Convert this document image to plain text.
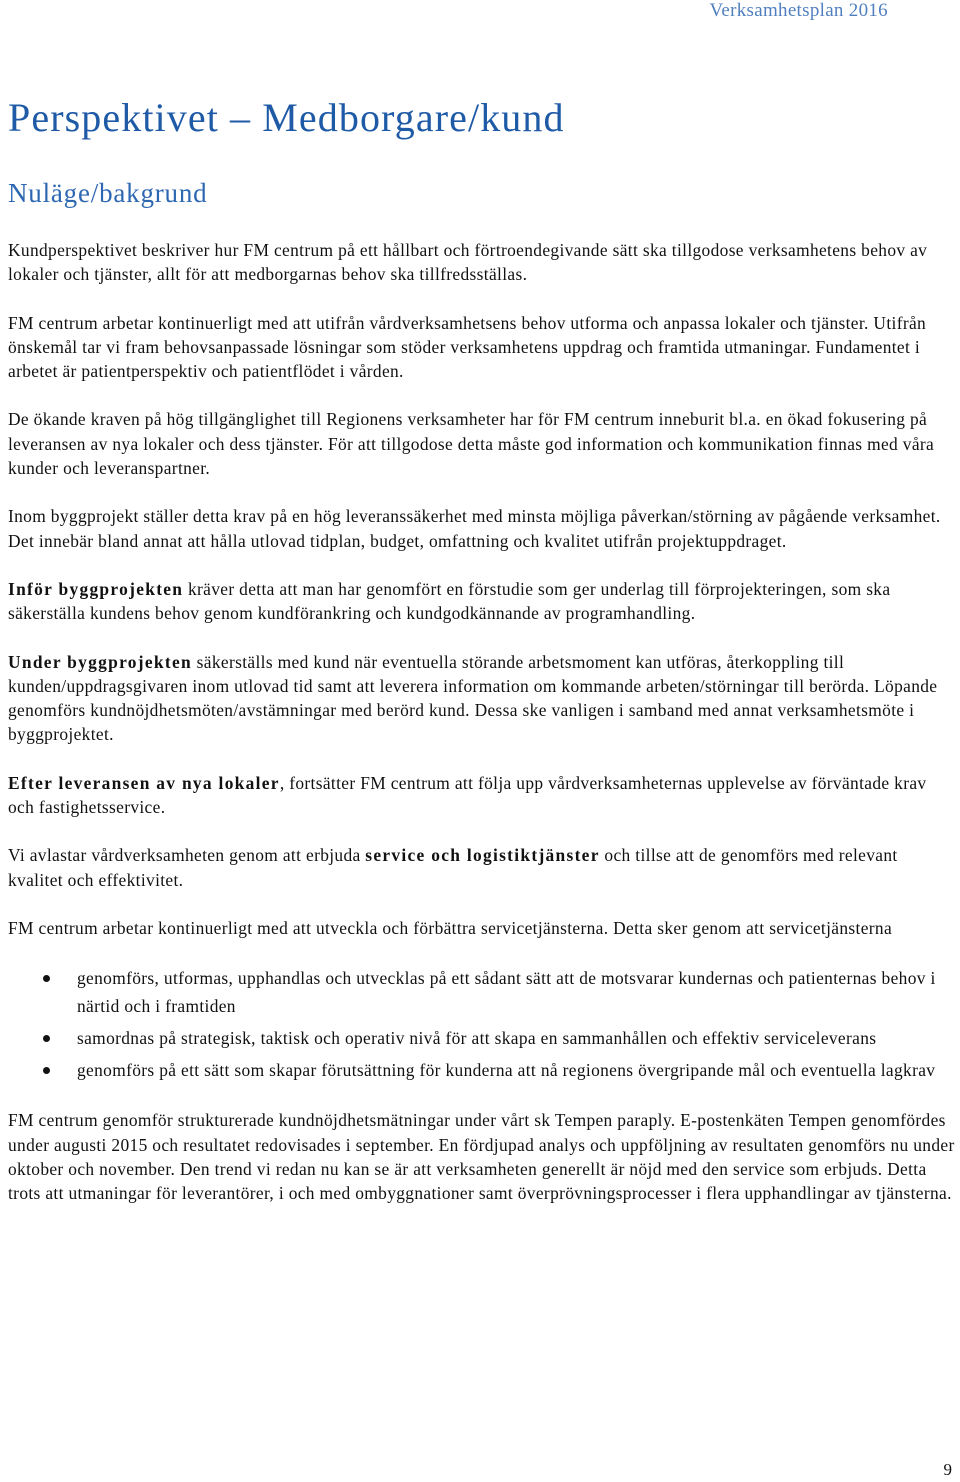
Verksamhetsplan 2016
Perspektivet – Medborgare/kund
Nuläge/bakgrund

Kundperspektivet beskriver hur FM centrum på ett hållbart och förtroendegivande sätt ska tillgodose verksamhetens behov av lokaler och tjänster, allt för att medborgarnas behov ska tillfredsställas.

FM centrum arbetar kontinuerligt med att utifrån vårdverksamhetsens behov utforma och anpassa lokaler och tjänster. Utifrån önskemål tar vi fram behovsanpassade lösningar som stöder verksamhetens uppdrag och framtida utmaningar. Fundamentet i arbetet är patientperspektiv och patientflödet i vården.

De ökande kraven på hög tillgänglighet till Regionens verksamheter har för FM centrum inneburit bl.a. en ökad fokusering på leveransen av nya lokaler och dess tjänster. För att tillgodose detta måste god information och kommunikation finnas med våra kunder och leveranspartner.

Inom byggprojekt ställer detta krav på en hög leveranssäkerhet med minsta möjliga påverkan/störning av pågående verksamhet. Det innebär bland annat att hålla utlovad tidplan, budget, omfattning och kvalitet utifrån projektuppdraget.

Inför byggprojekten kräver detta att man har genomfört en förstudie som ger underlag till förprojekteringen, som ska säkerställa kundens behov genom kundförankring och kundgodkännande av programhandling.

Under byggprojekten säkerställs med kund när eventuella störande arbetsmoment kan utföras, återkoppling till kunden/uppdragsgivaren inom utlovad tid samt att leverera information om kommande arbeten/störningar till berörda. Löpande genomförs kundnöjdhetsmöten/avstämningar med berörd kund. Dessa ske vanligen i samband med annat verksamhetsmöte i byggprojektet.

Efter leveransen av nya lokaler, fortsätter FM centrum att följa upp vårdverksamheternas upplevelse av förväntade krav och fastighetsservice.

Vi avlastar vårdverksamheten genom att erbjuda service och logistiktjänster och tillse att de genomförs med relevant kvalitet och effektivitet.

FM centrum arbetar kontinuerligt med att utveckla och förbättra servicetjänsterna. Detta sker genom att servicetjänsterna

genomförs, utformas, upphandlas och utvecklas på ett sådant sätt att de motsvarar kundernas och patienternas behov i närtid och i framtiden
samordnas på strategisk, taktisk och operativ nivå för att skapa en sammanhållen och effektiv serviceleverans
genomförs på ett sätt som skapar förutsättning för kunderna att nå regionens övergripande mål och eventuella lagkrav

FM centrum genomför strukturerade kundnöjdhetsmätningar under vårt sk Tempen paraply. E-postenkäten Tempen genomfördes under augusti 2015 och resultatet redovisades i september. En fördjupad analys och uppföljning av resultaten genomförs nu under oktober och november. Den trend vi redan nu kan se är att verksamheten generellt är nöjd med den service som erbjuds. Detta trots att utmaningar för leverantörer, i och med ombyggnationer samt överprövningsprocesser i flera upphandlingar av tjänsterna.

9
